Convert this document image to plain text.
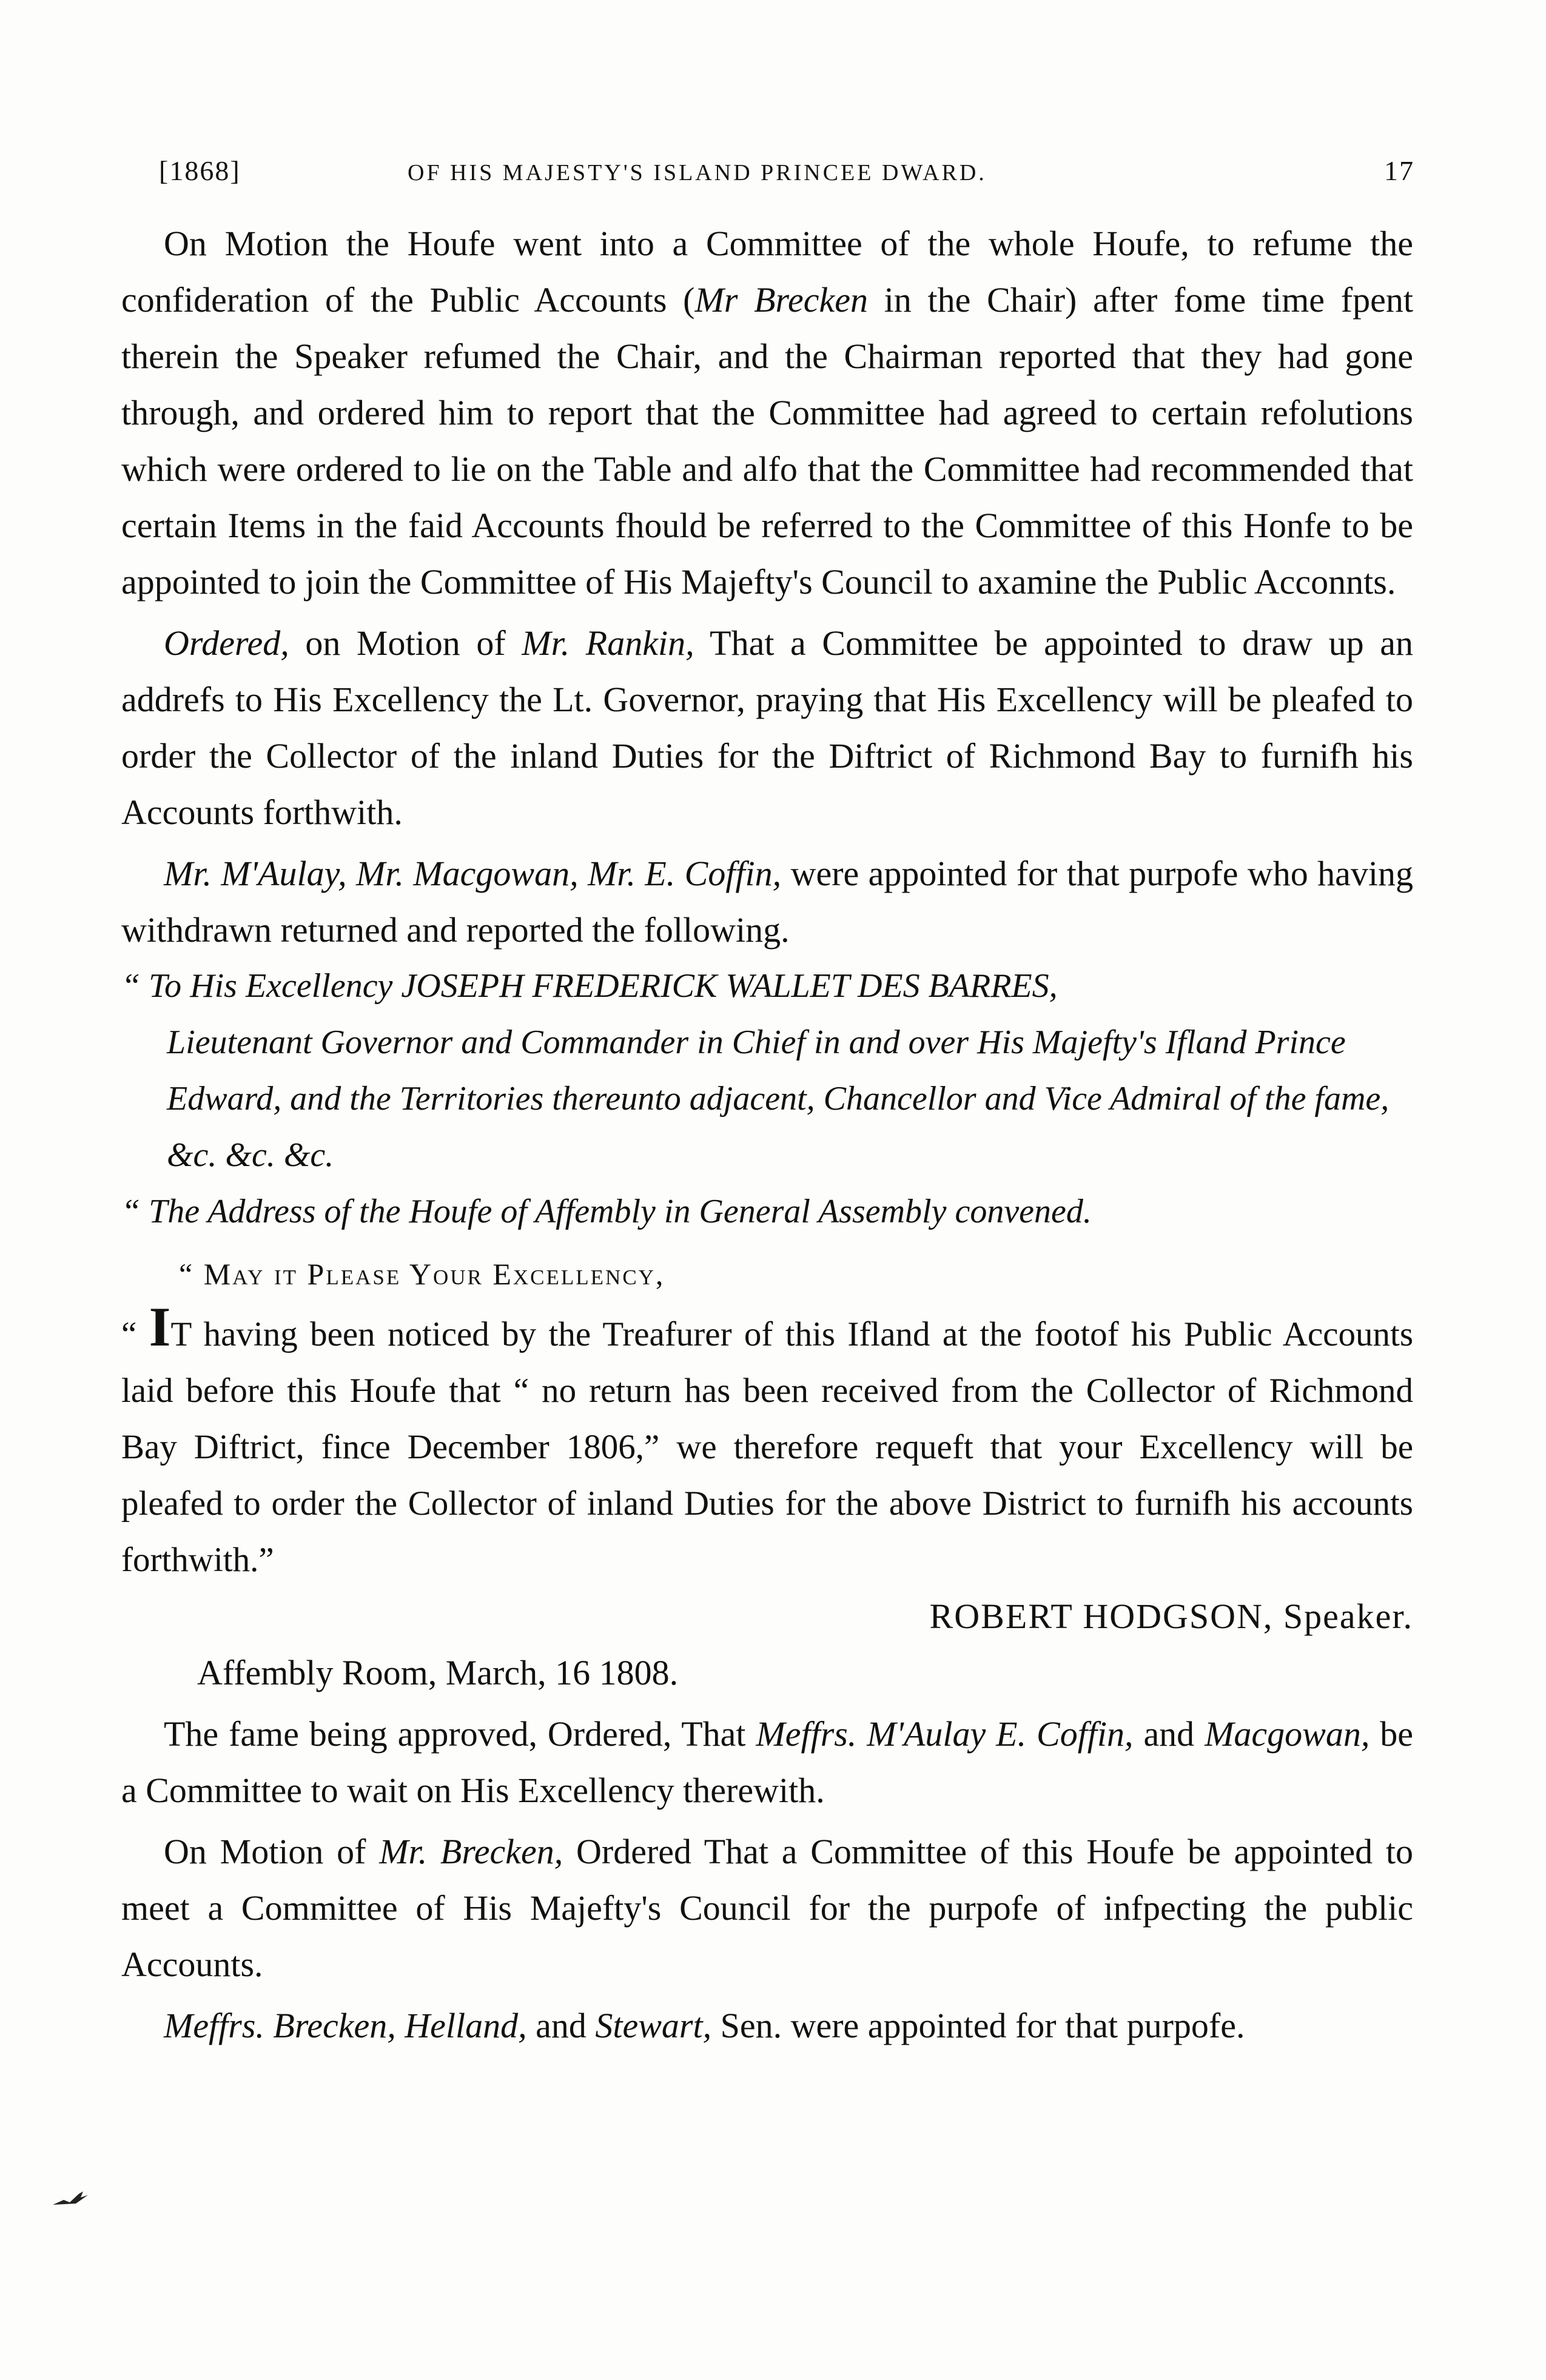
[1868]	OF HIS MAJESTY'S ISLAND PRINCEE DWARD.	17

On Motion the Houfe went into a Committee of the whole Houfe, to refume the confideration of the Public Accounts (Mr Brecken in the Chair) after fome time fpent therein the Speaker refumed the Chair, and the Chairman reported that they had gone through, and ordered him to report that the Committee had agreed to certain refolutions which were ordered to lie on the Table and alfo that the Committee had recommended that certain Items in the faid Accounts fhould be referred to the Committee of this Honfe to be appointed to join the Committee of His Majefty's Council to axamine the Public Acconnts.

Ordered, on Motion of Mr. Rankin, That a Committee be appointed to draw up an addrefs to His Excellency the Lt. Governor, praying that His Excellency will be pleafed to order the Collector of the inland Duties for the Diftrict of Richmond Bay to furnifh his Accounts forthwith.

Mr. M'Aulay, Mr. Macgowan, Mr. E. Coffin, were appointed for that purpofe who having withdrawn returned and reported the following.

“ To His Excellency JOSEPH FREDERICK WALLET DES BARRES,

Lieutenant Governor and Commander in Chief in and over His Majefty's Ifland Prince Edward, and the Territories thereunto adjacent, Chancellor and Vice Admiral of the fame, &c. &c. &c.

“ The Address of the Houfe of Affembly in General Assembly convened.

“ May it Please Your Excellency,

“ IT having been noticed by the Treafurer of this Ifland at the footof his Public Accounts laid before this Houfe that “ no return has been received from the Collector of Richmond Bay Diftrict, fince December 1806,” we therefore requeft that your Excellency will be pleafed to order the Collector of inland Duties for the above District to furnifh his accounts forthwith.”

ROBERT HODGSON, Speaker.

Affembly Room, March, 16 1808.

The fame being approved, Ordered, That Meffrs. M'Aulay E. Coffin, and Macgowan, be a Committee to wait on His Excellency therewith.

On Motion of Mr. Brecken, Ordered That a Committee of this Houfe be appointed to meet a Committee of His Majefty's Council for the purpofe of infpecting the public Accounts.

Meffrs. Brecken, Helland, and Stewart, Sen. were appointed for that purpofe.
